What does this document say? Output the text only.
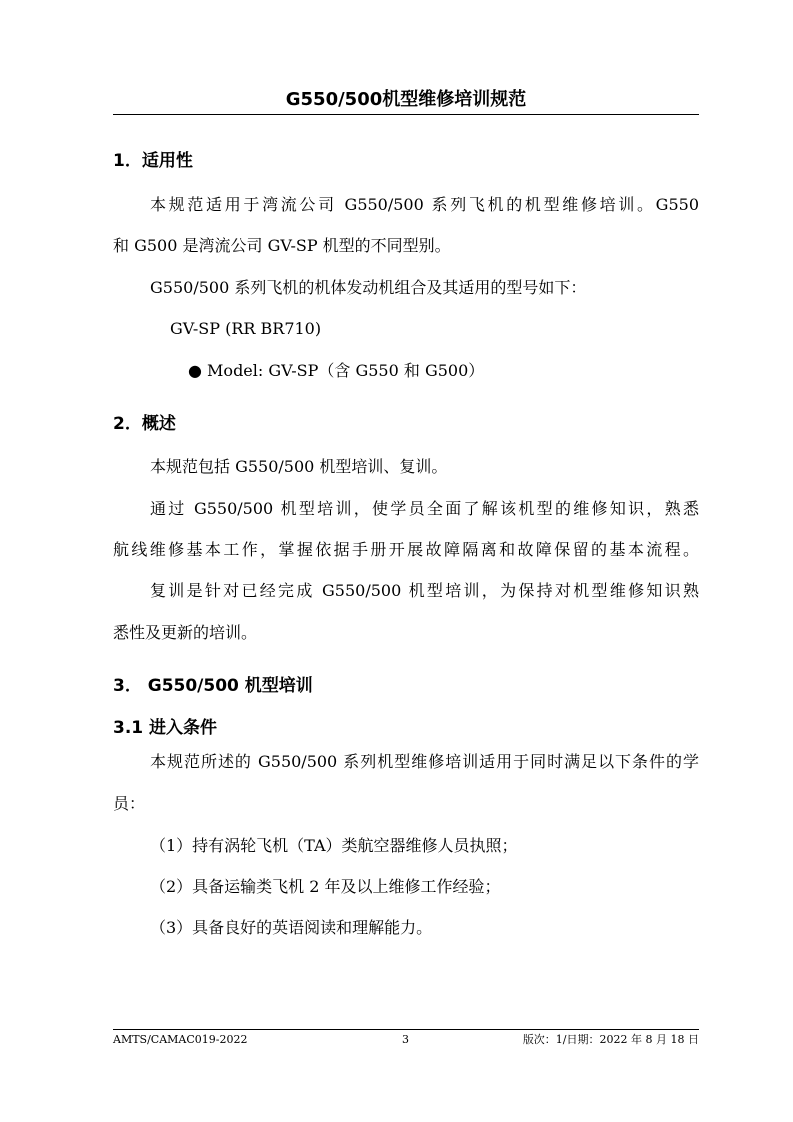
G550/500机型维修培训规范
1．适用性
本规范适用于湾流公司 G550/500 系列飞机的机型维修培训。G550
和 G500 是湾流公司 GV-SP 机型的不同型别。
G550/500 系列飞机的机体发动机组合及其适用的型号如下：
GV-SP (RR BR710)
● Model: GV-SP（含 G550 和 G500）
2．概述
本规范包括 G550/500 机型培训、复训。
通过 G550/500 机型培训，使学员全面了解该机型的维修知识，熟悉
航线维修基本工作，掌握依据手册开展故障隔离和故障保留的基本流程。
复训是针对已经完成 G550/500 机型培训，为保持对机型维修知识熟
悉性及更新的培训。
3． G550/500 机型培训
3.1 进入条件
本规范所述的 G550/500 系列机型维修培训适用于同时满足以下条件的学
员：
（1）持有涡轮飞机（TA）类航空器维修人员执照；
（2）具备运输类飞机 2 年及以上维修工作经验；
（3）具备良好的英语阅读和理解能力。
AMTS/CAMAC019-2022	3	版次：1/日期：2022 年 8 月 18 日
